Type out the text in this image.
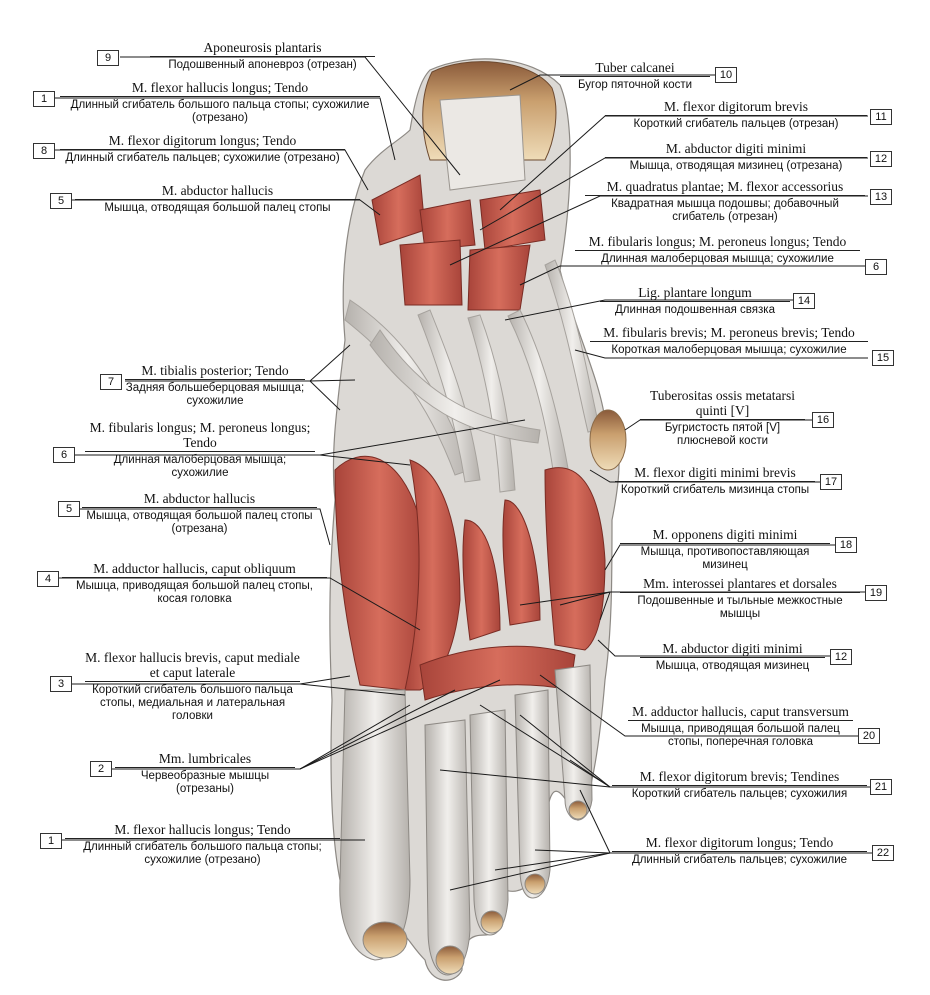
9
1
8
5
10
11
12
13
6
14
15
7
16
6
17
5
18
4
19
12
3
20
2
21
1
22
Aponeurosis plantaris
Подошвенный апоневроз (отрезан)
M. flexor hallucis longus; Tendo
Длинный сгибатель большого пальца стопы; сухожилие (отрезано)
M. flexor digitorum longus; Tendo
Длинный сгибатель пальцев; сухожилие (отрезано)
M. abductor hallucis
Мышца, отводящая большой палец стопы
Tuber calcanei
Бугор пяточной кости
M. flexor digitorum brevis
Короткий сгибатель пальцев (отрезан)
M. abductor digiti minimi
Мышца, отводящая мизинец (отрезана)
M. quadratus plantae; M. flexor accessorius
Квадратная мышца подошвы; добавочный сгибатель (отрезан)
M. fibularis longus; M. peroneus longus; Tendo
Длинная малоберцовая мышца; сухожилие
Lig. plantare longum
Длинная подошвенная связка
M. fibularis brevis; M. peroneus brevis; Tendo
Короткая малоберцовая мышца; сухожилие
M. tibialis posterior; Tendo
Задняя большеберцовая мышца; сухожилие	Tuberositas ossis metatarsi quinti [V]
Бугристость пятой [V] плюсневой кости
M. fibularis longus; M. peroneus longus; Tendo
Длинная малоберцовая мышца; сухожилие	M. flexor digiti minimi brevis
Короткий сгибатель мизинца стопы
M. abductor hallucis
Мышца, отводящая большой палец стопы (отрезана)	M. opponens digiti minimi
Мышца, противопоставляющая мизинец
M. adductor hallucis, caput obliquum
Мышца, приводящая большой палец стопы, косая головка
Mm. interossei plantares et dorsales
Подошвенные и тыльные межкостные мышцы
M. abductor digiti minimi
Мышца, отводящая мизинец
M. flexor hallucis brevis, caput mediale et caput laterale
Короткий сгибатель большого пальца стопы, медиальная и латеральная головки	M. adductor hallucis, caput transversum
Мышца, приводящая большой палец стопы, поперечная головка
Mm. lumbricales
Червеобразные мышцы (отрезаны)
M. flexor digitorum brevis; Tendines
Короткий сгибатель пальцев; сухожилия
M. flexor hallucis longus; Tendo
Длинный сгибатель большого пальца стопы; сухожилие (отрезано)
M. flexor digitorum longus; Tendo
Длинный сгибатель пальцев; сухожилие
